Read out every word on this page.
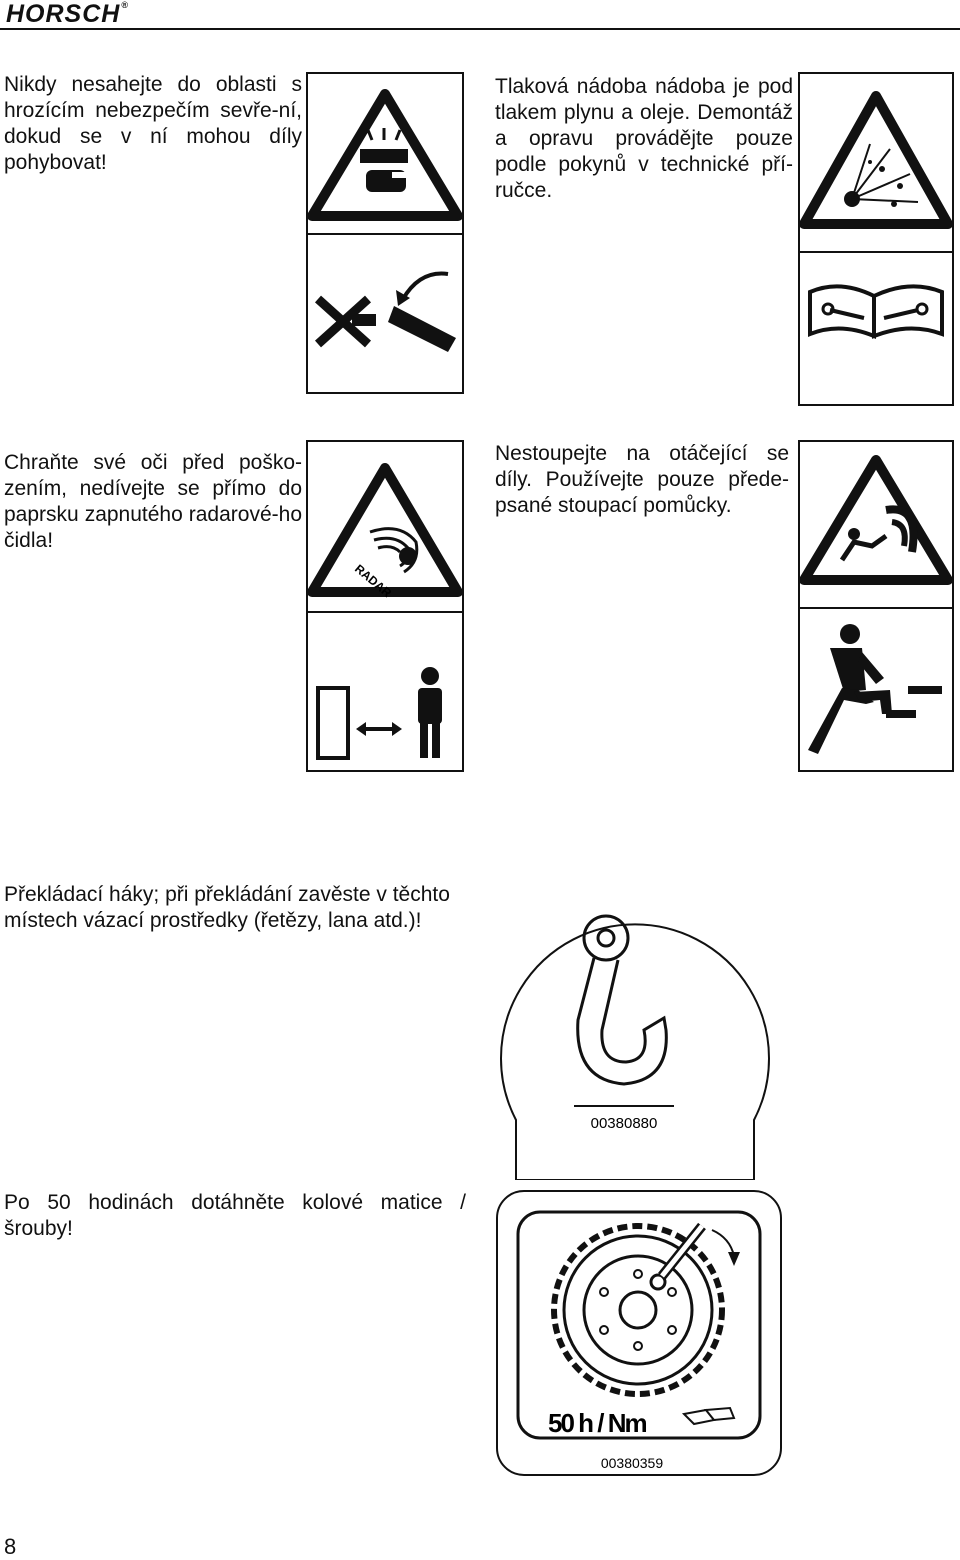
HORSCH®

Nikdy nesahejte do oblasti s hrozícím nebezpečím sevře-ní, dokud se v ní mohou díly pohybovat!

Tlaková nádoba nádoba je pod tlakem plynu a oleje. Demontáž a opravu provádějte pouze podle pokynů v technické pří-ručce.

Chraňte své oči před poško-zením, nedívejte se přímo do paprsku zapnutého radarové-ho čidla!

RADAR

Nestoupejte na otáčející se díly. Používejte pouze přede-psané stoupací pomůcky.

Překládací háky; při překládání zavěste v těchto místech vázací prostředky (řetězy, lana atd.)!

00380880

Po 50 hodinách dotáhněte kolové matice / šrouby!

50 h / Nm
00380359
8
